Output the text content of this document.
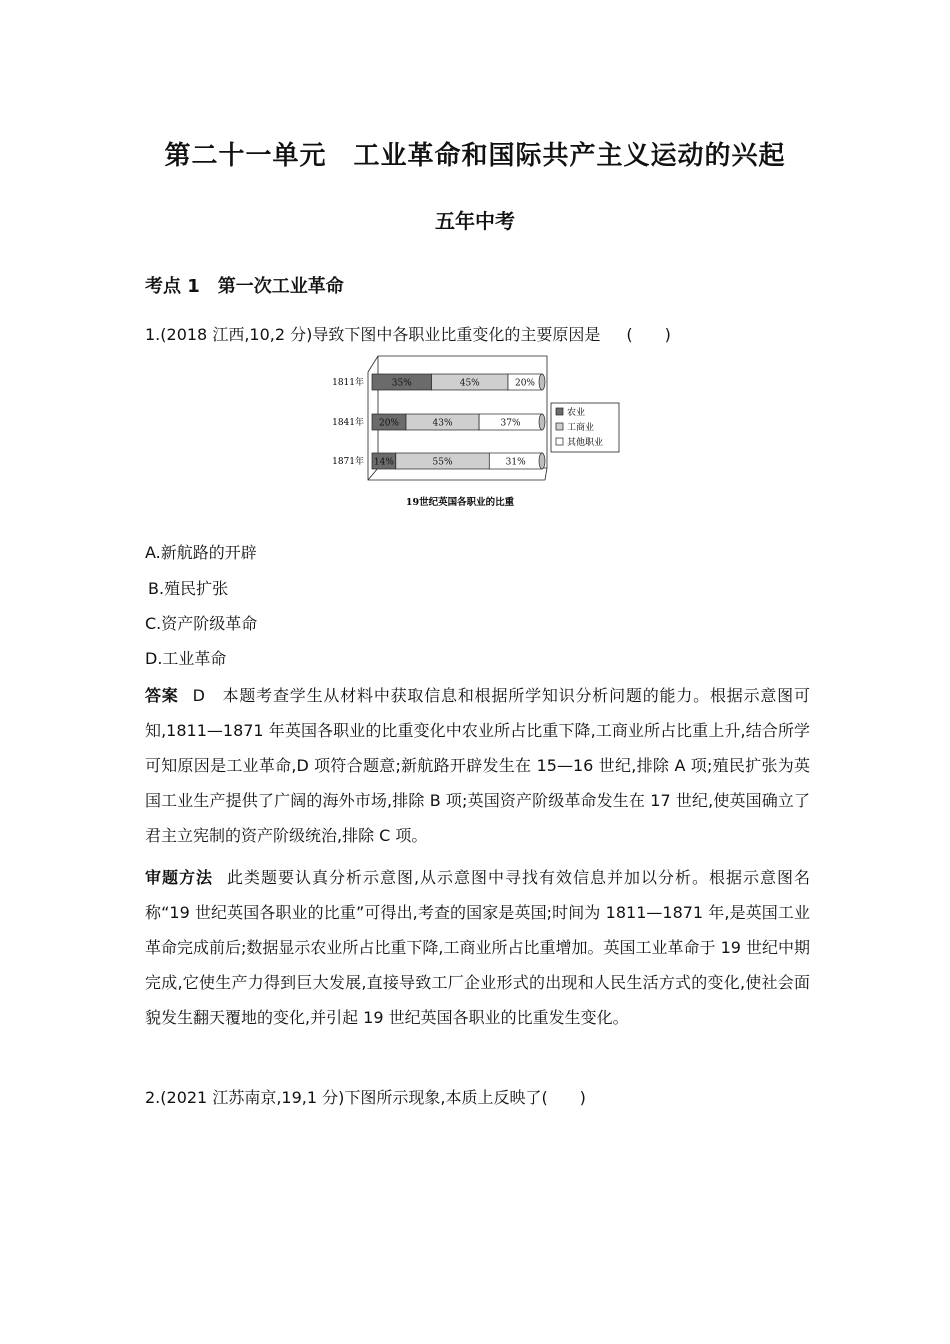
第二十一单元　工业革命和国际共产主义运动的兴起
五年中考
考点 1　第一次工业革命
1.(2018 江西,10,2 分)导致下图中各职业比重变化的主要原因是 (　　)
1811年	35%	45%	20%
1841年 20%	43%	37%
1871年 14%	55%	31%
农业
工商业
其他职业
19世纪英国各职业的比重
A.新航路的开辟
B.殖民扩张
C.资产阶级革命
D.工业革命
答案 D　本题考查学生从材料中获取信息和根据所学知识分析问题的能力。根据示意图可知,1811—1871 年英国各职业的比重变化中农业所占比重下降,工商业所占比重上升,结合所学可知原因是工业革命,D 项符合题意;新航路开辟发生在 15—16 世纪,排除 A 项;殖民扩张为英国工业生产提供了广阔的海外市场,排除 B 项;英国资产阶级革命发生在 17 世纪,使英国确立了君主立宪制的资产阶级统治,排除 C 项。
审题方法 此类题要认真分析示意图,从示意图中寻找有效信息并加以分析。根据示意图名称“19 世纪英国各职业的比重”可得出,考查的国家是英国;时间为 1811—1871 年,是英国工业革命完成前后;数据显示农业所占比重下降,工商业所占比重增加。英国工业革命于 19 世纪中期完成,它使生产力得到巨大发展,直接导致工厂企业形式的出现和人民生活方式的变化,使社会面貌发生翻天覆地的变化,并引起 19 世纪英国各职业的比重发生变化。
2.(2021 江苏南京,19,1 分)下图所示现象,本质上反映了(　　)
